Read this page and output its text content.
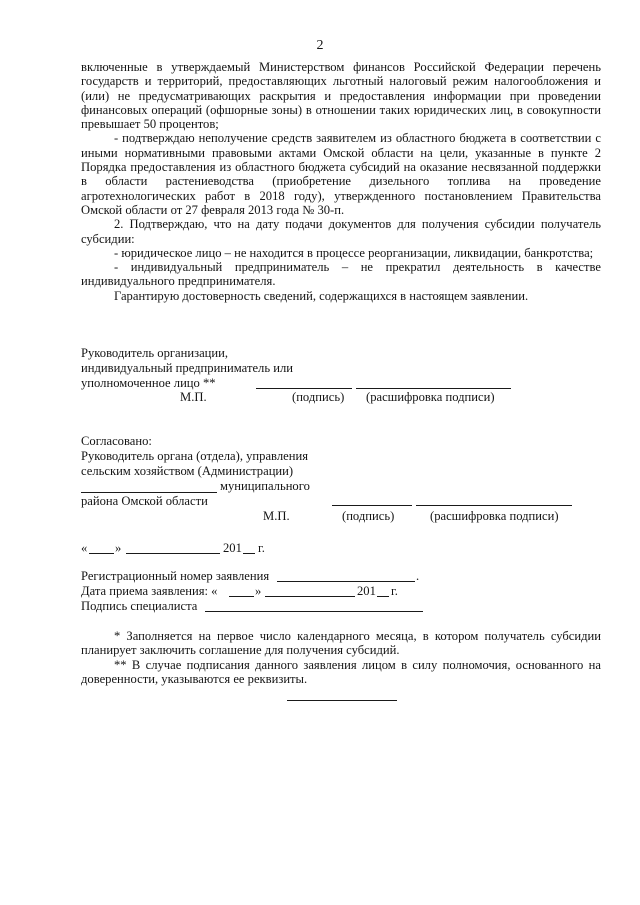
2

включенные в утверждаемый Министерством финансов Российской Федерации перечень государств и территорий, предоставляющих льготный налоговый режим налогообложения и (или) не предусматривающих раскрытия и предоставления информации при проведении финансовых операций (офшорные зоны) в отношении таких юридических лиц, в совокупности превышает 50 процентов;

- подтверждаю неполучение средств заявителем из областного бюджета в соответствии с иными нормативными правовыми актами Омской области на цели, указанные в пункте 2 Порядка предоставления из областного бюджета субсидий на оказание несвязанной поддержки в области растениеводства (приобретение дизельного топлива на проведение агротехнологических работ в 2018 году), утвержденного постановлением Правительства Омской области от 27 февраля 2013 года № 30-п.

2. Подтверждаю, что на дату подачи документов для получения субсидии получатель субсидии:

- юридическое лицо – не находится в процессе реорганизации, ликвидации, банкротства;

- индивидуальный предприниматель – не прекратил деятельность в качестве индивидуального предпринимателя.

Гарантирую достоверность сведений, содержащихся в настоящем заявлении.

Руководитель организации,
индивидуальный предприниматель или
уполномоченное лицо **
М.П.	(подпись) (расшифровка подписи)
Согласовано:
Руководитель органа (отдела), управления
сельским хозяйством (Администрации)
муниципального
района Омской области
М.П.	(подпись)	(расшифровка подписи)
« »	201 г.
Регистрационный номер заявления	.
Дата приема заявления: «	»	201 г.
Подпись специалиста

* Заполняется на первое число календарного месяца, в котором получатель субсидии планирует заключить соглашение для получения субсидий.

** В случае подписания данного заявления лицом в силу полномочия, основанного на доверенности, указываются ее реквизиты.
